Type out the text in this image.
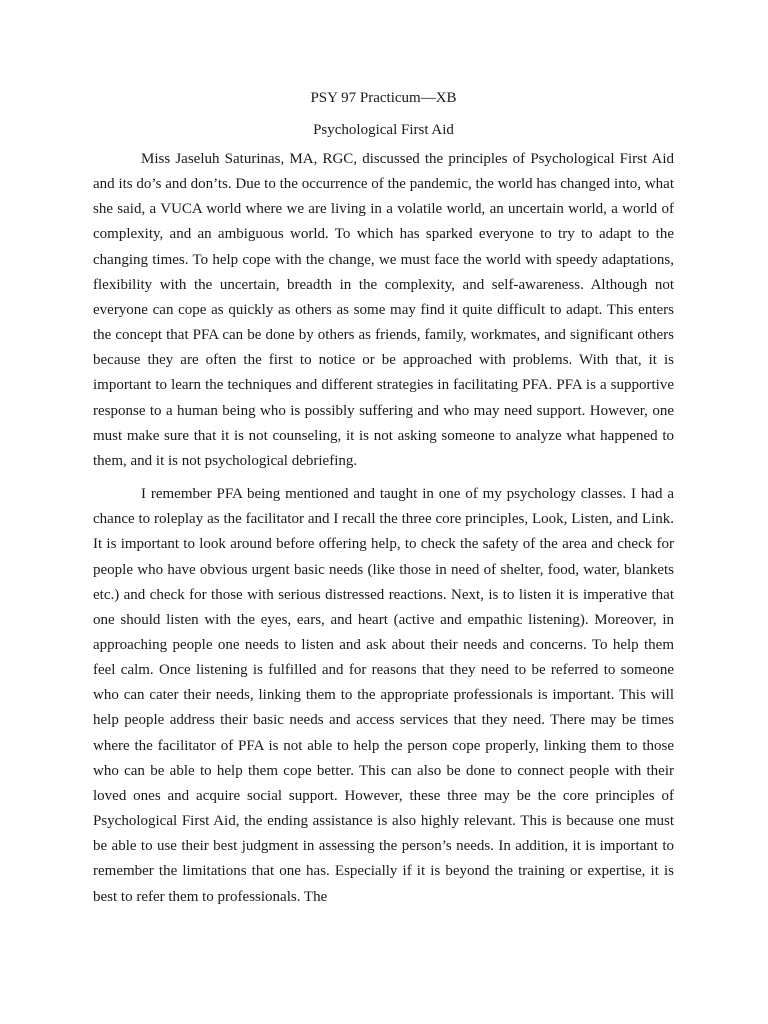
PSY 97 Practicum—XB

Psychological First Aid

Miss Jaseluh Saturinas, MA, RGC, discussed the principles of Psychological First Aid and its do’s and don’ts. Due to the occurrence of the pandemic, the world has changed into, what she said, a VUCA world where we are living in a volatile world, an uncertain world, a world of complexity, and an ambiguous world. To which has sparked everyone to try to adapt to the changing times. To help cope with the change, we must face the world with speedy adaptations, flexibility with the uncertain, breadth in the complexity, and self-awareness. Although not everyone can cope as quickly as others as some may find it quite difficult to adapt. This enters the concept that PFA can be done by others as friends, family, workmates, and significant others because they are often the first to notice or be approached with problems. With that, it is important to learn the techniques and different strategies in facilitating PFA. PFA is a supportive response to a human being who is possibly suffering and who may need support. However, one must make sure that it is not counseling, it is not asking someone to analyze what happened to them, and it is not psychological debriefing.

I remember PFA being mentioned and taught in one of my psychology classes. I had a chance to roleplay as the facilitator and I recall the three core principles, Look, Listen, and Link. It is important to look around before offering help, to check the safety of the area and check for people who have obvious urgent basic needs (like those in need of shelter, food, water, blankets etc.) and check for those with serious distressed reactions. Next, is to listen it is imperative that one should listen with the eyes, ears, and heart (active and empathic listening). Moreover, in approaching people one needs to listen and ask about their needs and concerns. To help them feel calm. Once listening is fulfilled and for reasons that they need to be referred to someone who can cater their needs, linking them to the appropriate professionals is important. This will help people address their basic needs and access services that they need. There may be times where the facilitator of PFA is not able to help the person cope properly, linking them to those who can be able to help them cope better. This can also be done to connect people with their loved ones and acquire social support. However, these three may be the core principles of Psychological First Aid, the ending assistance is also highly relevant. This is because one must be able to use their best judgment in assessing the person’s needs. In addition, it is important to remember the limitations that one has. Especially if it is beyond the training or expertise, it is best to refer them to professionals. The
